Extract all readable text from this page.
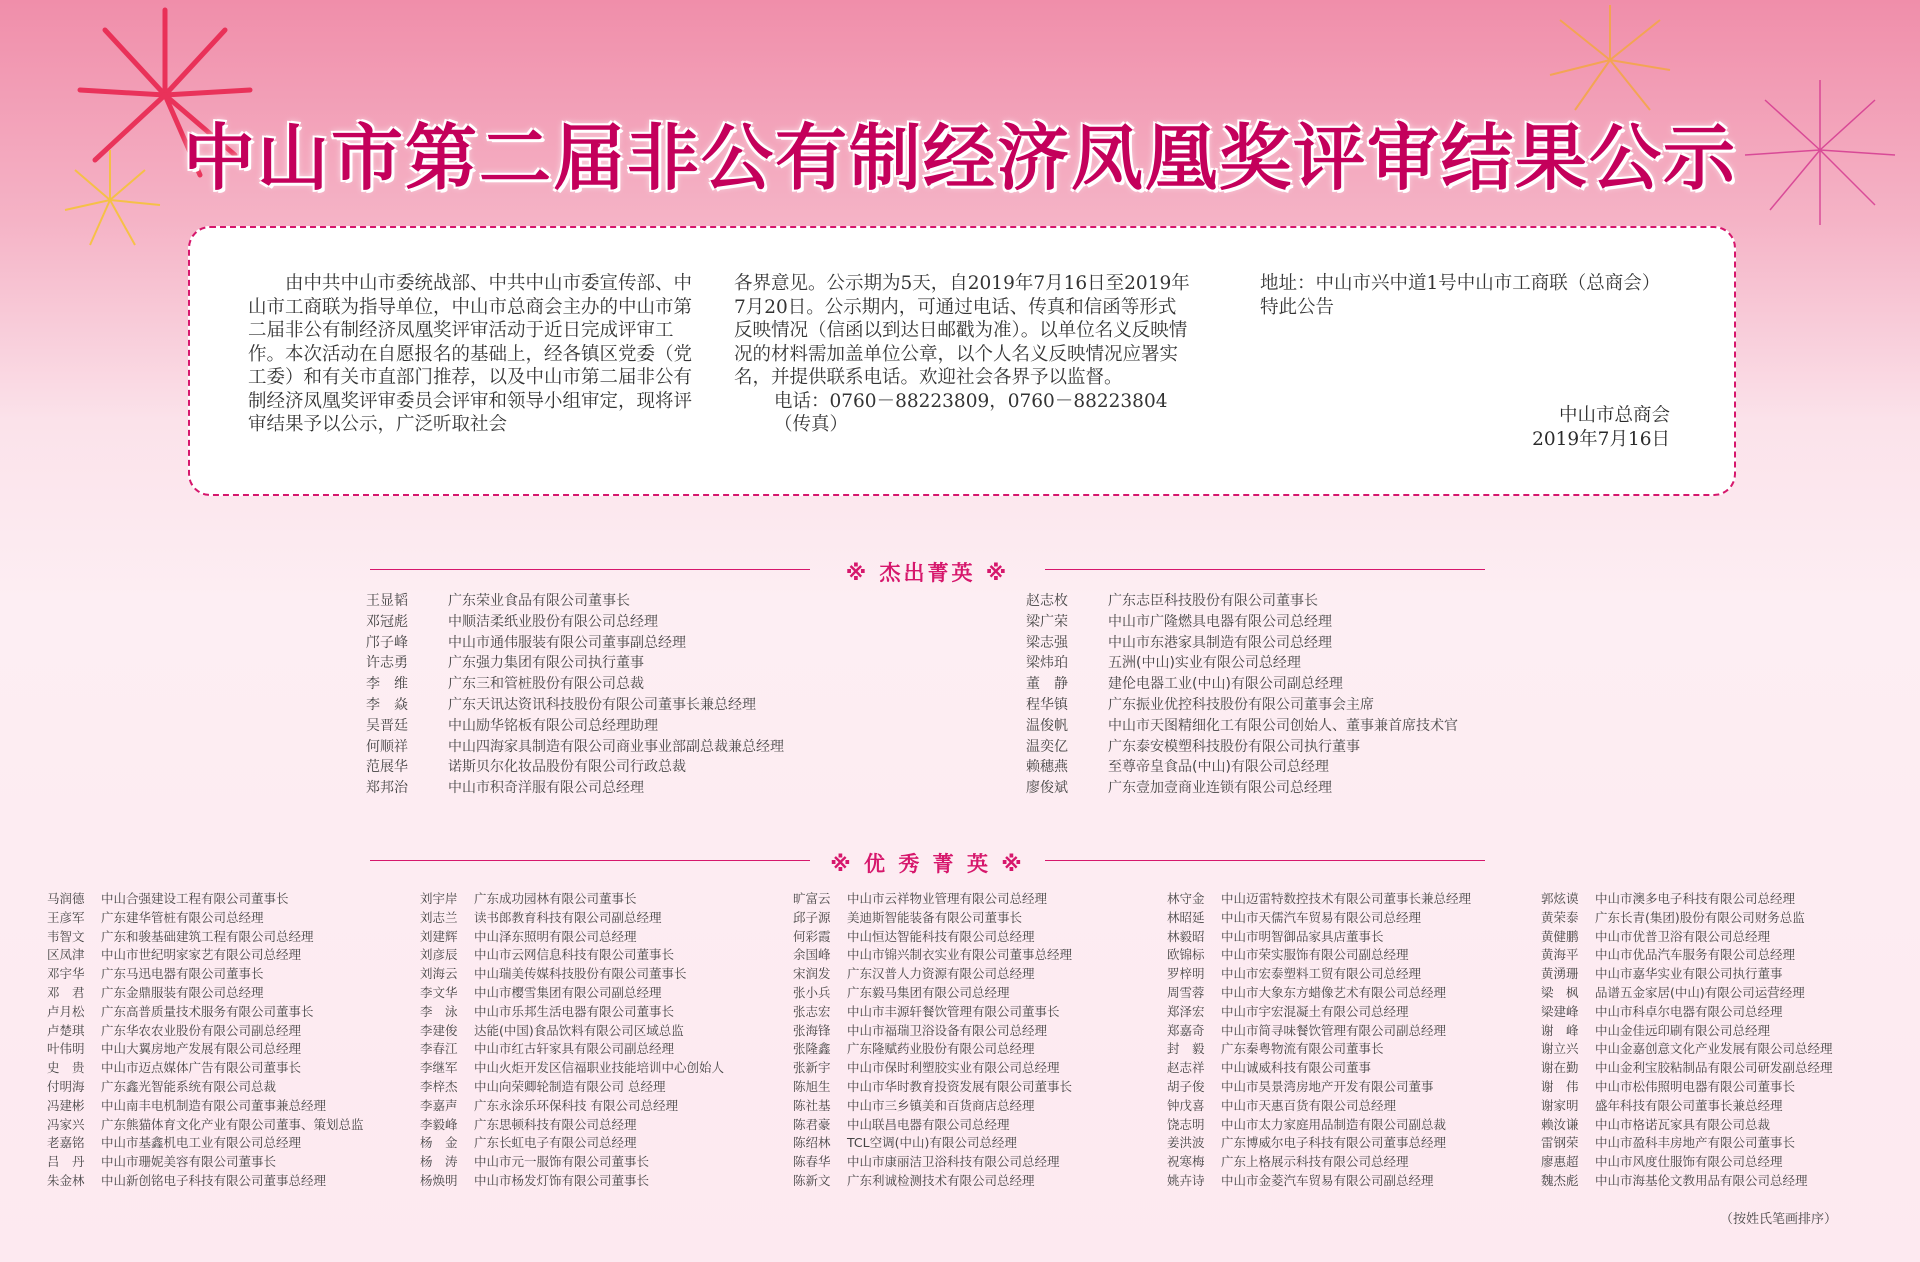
中山市第二届非公有制经济凤凰奖评审结果公示
由中共中山市委统战部、中共中山市委宣传部、中山市工商联为指导单位，中山市总商会主办的中山市第二届非公有制经济凤凰奖评审活动于近日完成评审工作。本次活动在自愿报名的基础上，经各镇区党委（党工委）和有关市直部门推荐，以及中山市第二届非公有制经济凤凰奖评审委员会评审和领导小组审定，现将评审结果予以公示，广泛听取社会
各界意见。公示期为5天，自2019年7月16日至2019年7月20日。公示期内，可通过电话、传真和信函等形式反映情况（信函以到达日邮戳为准）。以单位名义反映情况的材料需加盖单位公章，以个人名义反映情况应署实名，并提供联系电话。欢迎社会各界予以监督。
电话：0760－88223809，0760－88223804（传真）
地址：中山市兴中道1号中山市工商联（总商会）
特此公告
中山市总商会
2019年7月16日
※ 杰出菁英 ※
王显韬	广东荣业食品有限公司董事长
邓冠彪	中顺洁柔纸业股份有限公司总经理
邝子峰	中山市通伟服装有限公司董事副总经理
许志勇	广东强力集团有限公司执行董事
李　维	广东三和管桩股份有限公司总裁
李　焱	广东天讯达资讯科技股份有限公司董事长兼总经理
吴晋廷	中山励华铭板有限公司总经理助理
何顺祥	中山四海家具制造有限公司商业事业部副总裁兼总经理
范展华	诺斯贝尔化妆品股份有限公司行政总裁
郑邦治	中山市积奇洋服有限公司总经理
赵志枚	广东志臣科技股份有限公司董事长
梁广荣	中山市广隆燃具电器有限公司总经理
梁志强	中山市东港家具制造有限公司总经理
梁炜珀	五洲(中山)实业有限公司总经理
董　静	建伦电器工业(中山)有限公司副总经理
程华镇	广东振业优控科技股份有限公司董事会主席
温俊帆	中山市天图精细化工有限公司创始人、董事兼首席技术官
温奕亿	广东泰安模塑科技股份有限公司执行董事
赖穗燕	至尊帝皇食品(中山)有限公司总经理
廖俊斌	广东壹加壹商业连锁有限公司总经理
※ 优 秀 菁 英 ※
马润德 中山合强建设工程有限公司董事长
王彦军 广东建华管桩有限公司总经理
韦智文 广东和骏基础建筑工程有限公司总经理
区凤津 中山市世纪明家家艺有限公司总经理
邓宇华 广东马迅电器有限公司董事长
邓　君 广东金鼎服装有限公司总经理
卢月松 广东高普质量技术服务有限公司董事长
卢楚琪 广东华农农业股份有限公司副总经理
叶伟明 中山大翼房地产发展有限公司总经理
史　贵 中山市迈点媒体广告有限公司董事长
付明海 广东鑫光智能系统有限公司总裁
冯建彬 中山南丰电机制造有限公司董事兼总经理
冯家兴 广东熊猫体育文化产业有限公司董事、策划总监
老嘉铭 中山市基鑫机电工业有限公司总经理
吕　丹 中山市珊妮美容有限公司董事长
朱金林 中山新创铭电子科技有限公司董事总经理
刘宇岸 广东成功园林有限公司董事长
刘志兰 读书郎教育科技有限公司副总经理
刘建辉 中山泽东照明有限公司总经理
刘彦辰 中山市云网信息科技有限公司董事长
刘海云 中山瑞美传媒科技股份有限公司董事长
李文华 中山市樱雪集团有限公司副总经理
李　泳 中山市乐邦生活电器有限公司董事长
李建俊 达能(中国)食品饮料有限公司区域总监
李春江 中山市红古轩家具有限公司副总经理
李继军 中山火炬开发区信福职业技能培训中心创始人
李梓杰 中山向荣卿轮制造有限公司 总经理
李嘉声 广东永涂乐环保科技 有限公司总经理
李毅峰 广东思顿科技有限公司总经理
杨　金 广东长虹电子有限公司总经理
杨　涛 中山市元一服饰有限公司董事长
杨焕明 中山市杨发灯饰有限公司董事长
旷富云 中山市云祥物业管理有限公司总经理
邱子源 美迪斯智能装备有限公司董事长
何彩霞 中山恒达智能科技有限公司总经理
余国峰 中山市锦兴制衣实业有限公司董事总经理
宋润发 广东汉普人力资源有限公司总经理
张小兵 广东毅马集团有限公司总经理
张志宏 中山市丰源轩餐饮管理有限公司董事长
张海锋 中山市福瑞卫浴设备有限公司总经理
张隆鑫 广东隆赋药业股份有限公司总经理
张新宇 中山市保时利塑胶实业有限公司总经理
陈旭生 中山市华时教育投资发展有限公司董事长
陈社基 中山市三乡镇美和百货商店总经理
陈君豪 中山联昌电器有限公司总经理
陈绍林 TCL空调(中山)有限公司总经理
陈春华 中山市康丽洁卫浴科技有限公司总经理
陈新文 广东利诚检测技术有限公司总经理
林守金 中山迈雷特数控技术有限公司董事长兼总经理
林昭延 中山市天儒汽车贸易有限公司总经理
林毅昭 中山市明智御品家具店董事长
欧锦标 中山市荣实服饰有限公司副总经理
罗梓明 中山市宏泰塑料工贸有限公司总经理
周雪蓉 中山市大象东方蜡像艺术有限公司总经理
郑泽宏 中山市宇宏混凝土有限公司总经理
郑嘉奇 中山市简寻味餐饮管理有限公司副总经理
封　毅 广东秦粤物流有限公司董事长
赵志祥 中山诚威科技有限公司董事
胡子俊 中山市昊景湾房地产开发有限公司董事
钟戊喜 中山市天惠百货有限公司总经理
饶志明 中山市太力家庭用品制造有限公司副总裁
姜洪波 广东博威尔电子科技有限公司董事总经理
祝寒梅 广东上格展示科技有限公司总经理
姚卉诗 中山市金菱汽车贸易有限公司副总经理
郭炫谟 中山市澳多电子科技有限公司总经理
黄荣泰 广东长青(集团)股份有限公司财务总监
黄健鹏 中山市优普卫浴有限公司总经理
黄海平 中山市优品汽车服务有限公司总经理
黄湧珊 中山市嘉华实业有限公司执行董事
梁　枫 品谱五金家居(中山)有限公司运营经理
梁建峰 中山市科卓尔电器有限公司总经理
谢　峰 中山金佳远印刷有限公司总经理
谢立兴 中山金嘉创意文化产业发展有限公司总经理
谢在勤 中山金利宝胶粘制品有限公司研发副总经理
谢　伟 中山市松伟照明电器有限公司董事长
谢家明 盛年科技有限公司董事长兼总经理
赖汝谦 中山市格诺瓦家具有限公司总裁
雷钢荣 中山市盈科丰房地产有限公司董事长
廖惠超 中山市风度仕服饰有限公司总经理
魏杰彪 中山市海基伦文教用品有限公司总经理
（按姓氏笔画排序）
